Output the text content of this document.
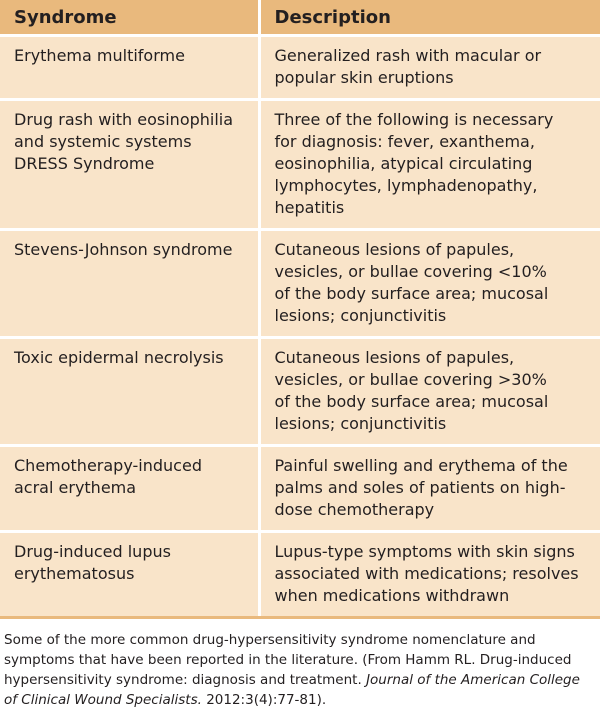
Syndrome	Description

Erythema multiforme	Generalized rash with macular or
popular skin eruptions

Drug rash with eosinophilia
and systemic systems
DRESS Syndrome	Three of the following is necessary
for diagnosis: fever, exanthema,
eosinophilia, atypical circulating
lymphocytes, lymphadenopathy,
hepatitis

Stevens-Johnson syndrome	Cutaneous lesions of papules,
vesicles, or bullae covering <10%
of the body surface area; mucosal
lesions; conjunctivitis

Toxic epidermal necrolysis	Cutaneous lesions of papules,
vesicles, or bullae covering >30%
of the body surface area; mucosal
lesions; conjunctivitis

Chemotherapy-induced
acral erythema	Painful swelling and erythema of the
palms and soles of patients on high-
dose chemotherapy

Drug-induced lupus
erythematosus	Lupus-type symptoms with skin signs
associated with medications; resolves
when medications withdrawn
Some of the more common drug-hypersensitivity syndrome nomenclature and symptoms that have been reported in the literature. (From Hamm RL. Drug-induced hypersensitivity syndrome: diagnosis and treatment. Journal of the American College of Clinical Wound Specialists. 2012:3(4):77-81).
